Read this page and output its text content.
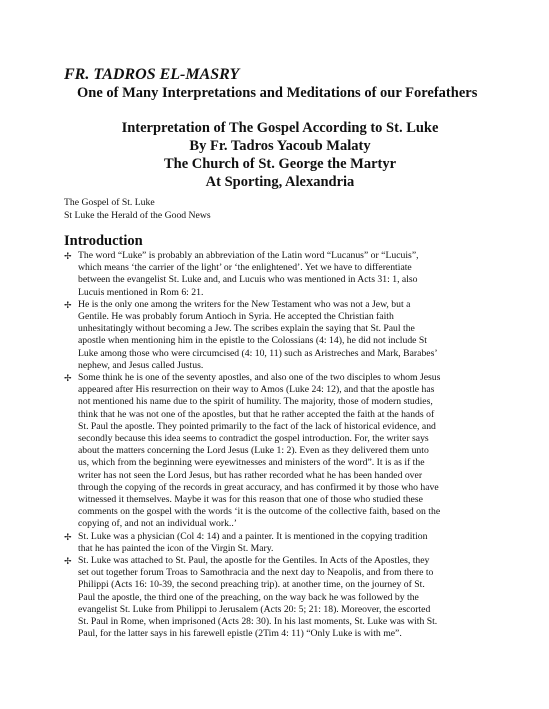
FR. TADROS EL-MASRY
One of Many Interpretations and Meditations of our Forefathers
Interpretation of The Gospel According to St. Luke
By Fr. Tadros Yacoub Malaty
The Church of St. George the Martyr
At Sporting, Alexandria
The Gospel of St. Luke
St Luke the Herald of the Good News
Introduction
✢ The word “Luke” is probably an abbreviation of the Latin word “Lucanus” or “Lucuis”,
which means ‘the carrier of the light’ or ‘the enlightened’. Yet we have to differentiate
between the evangelist St. Luke and, and Lucuis who was mentioned in Acts 31: 1, also
Lucuis mentioned in Rom 6: 21.
✢ He is the only one among the writers for the New Testament who was not a Jew, but a
Gentile. He was probably forum Antioch in Syria. He accepted the Christian faith
unhesitatingly without becoming a Jew. The scribes explain the saying that St. Paul the
apostle when mentioning him in the epistle to the Colossians (4: 14), he did not include St
Luke among those who were circumcised (4: 10, 11) such as Aristreches and Mark, Barabes’
nephew, and Jesus called Justus.
✢ Some think he is one of the seventy apostles, and also one of the two disciples to whom Jesus
appeared after His resurrection on their way to Amos (Luke 24: 12), and that the apostle has
not mentioned his name due to the spirit of humility. The majority, those of modern studies,
think that he was not one of the apostles, but that he rather accepted the faith at the hands of
St. Paul the apostle. They pointed primarily to the fact of the lack of historical evidence, and
secondly because this idea seems to contradict the gospel introduction. For, the writer says
about the matters concerning the Lord Jesus (Luke 1: 2). Even as they delivered them unto
us, which from the beginning were eyewitnesses and ministers of the word”. It is as if the
writer has not seen the Lord Jesus, but has rather recorded what he has been handed over
through the copying of the records in great accuracy, and has confirmed it by those who have
witnessed it themselves. Maybe it was for this reason that one of those who studied these
comments on the gospel with the words ‘it is the outcome of the collective faith, based on the
copying of, and not an individual work..’
✢ St. Luke was a physician (Col 4: 14) and a painter. It is mentioned in the copying tradition
that he has painted the icon of the Virgin St. Mary.
✢ St. Luke was attached to St. Paul, the apostle for the Gentiles. In Acts of the Apostles, they
set out together forum Troas to Samothracia and the next day to Neapolis, and from there to
Philippi (Acts 16: 10-39, the second preaching trip). at another time, on the journey of St.
Paul the apostle, the third one of the preaching, on the way back he was followed by the
evangelist St. Luke from Philippi to Jerusalem (Acts 20: 5; 21: 18). Moreover, the escorted
St. Paul in Rome, when imprisoned (Acts 28: 30). In his last moments, St. Luke was with St.
Paul, for the latter says in his farewell epistle (2Tim 4: 11) “Only Luke is with me”.
